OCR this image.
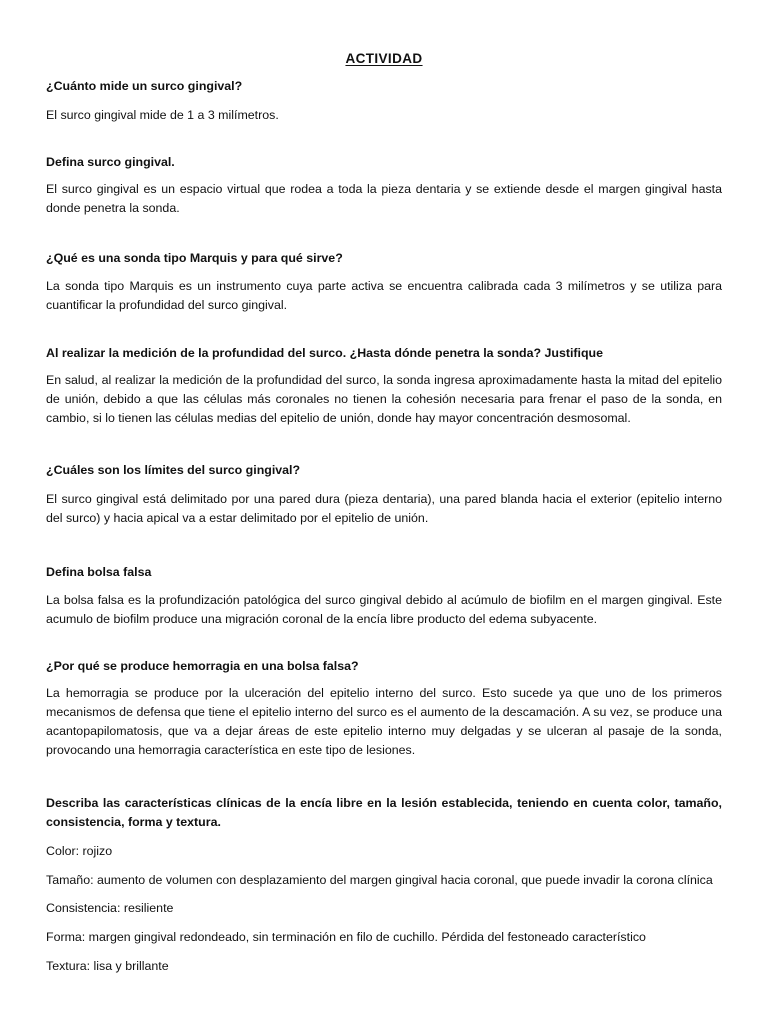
ACTIVIDAD
¿Cuánto mide un surco gingival?
El surco gingival mide de 1 a 3 milímetros.
Defina surco gingival.
El surco gingival es un espacio virtual que rodea a toda la pieza dentaria y se extiende desde el margen gingival hasta donde penetra la sonda.
¿Qué es una sonda tipo Marquis y para qué sirve?
La sonda tipo Marquis es un instrumento cuya parte activa se encuentra calibrada cada 3 milímetros y se utiliza para cuantificar la profundidad del surco gingival.
Al realizar la medición de la profundidad del surco. ¿Hasta dónde penetra la sonda? Justifique
En salud, al realizar la medición de la profundidad del surco, la sonda ingresa aproximadamente hasta la mitad del epitelio de unión, debido a que las células más coronales no tienen la cohesión necesaria para frenar el paso de la sonda, en cambio, si lo tienen las células medias del epitelio de unión, donde hay mayor concentración desmosomal.
¿Cuáles son los límites del surco gingival?
El surco gingival está delimitado por una pared dura (pieza dentaria), una pared blanda hacia el exterior (epitelio interno del surco) y hacia apical va a estar delimitado por el epitelio de unión.
Defina bolsa falsa
La bolsa falsa es la profundización patológica del surco gingival debido al acúmulo de biofilm en el margen gingival. Este acumulo de biofilm produce una migración coronal de la encía libre producto del edema subyacente.
¿Por qué se produce hemorragia en una bolsa falsa?
La hemorragia se produce por la ulceración del epitelio interno del surco. Esto sucede ya que uno de los primeros mecanismos de defensa que tiene el epitelio interno del surco es el aumento de la descamación. A su vez, se produce una acantopapilomatosis, que va a dejar áreas de este epitelio interno muy delgadas y se ulceran al pasaje de la sonda, provocando una hemorragia característica en este tipo de lesiones.
Describa las características clínicas de la encía libre en la lesión establecida, teniendo en cuenta color, tamaño, consistencia, forma y textura.
Color: rojizo
Tamaño: aumento de volumen con desplazamiento del margen gingival hacia coronal, que puede invadir la corona clínica
Consistencia: resiliente
Forma: margen gingival redondeado, sin terminación en filo de cuchillo. Pérdida del festoneado característico
Textura: lisa y brillante
